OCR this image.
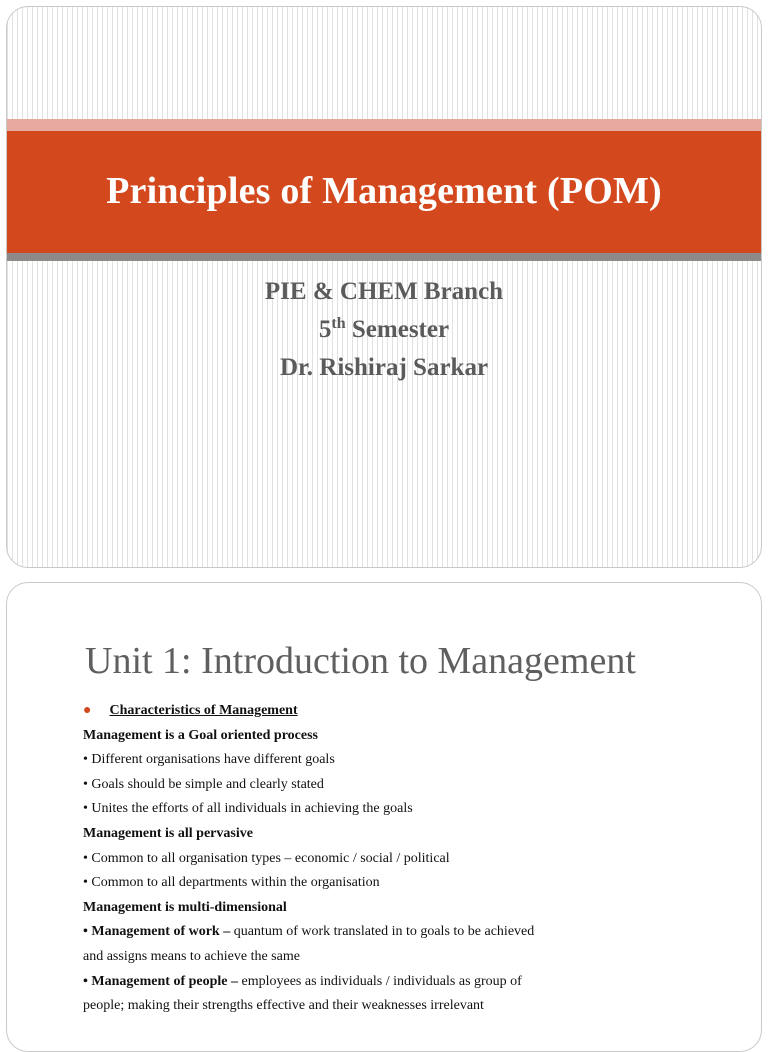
Principles of Management (POM)
PIE & CHEM Branch
5th Semester
Dr. Rishiraj Sarkar
Unit 1: Introduction to Management
● Characteristics of Management
Management is a Goal oriented process
• Different organisations have different goals
• Goals should be simple and clearly stated
• Unites the efforts of all individuals in achieving the goals
Management is all pervasive
• Common to all organisation types – economic / social / political
• Common to all departments within the organisation
Management is multi-dimensional
• Management of work – quantum of work translated in to goals to be achieved
and assigns means to achieve the same
• Management of people – employees as individuals / individuals as group of
people; making their strengths effective and their weaknesses irrelevant
